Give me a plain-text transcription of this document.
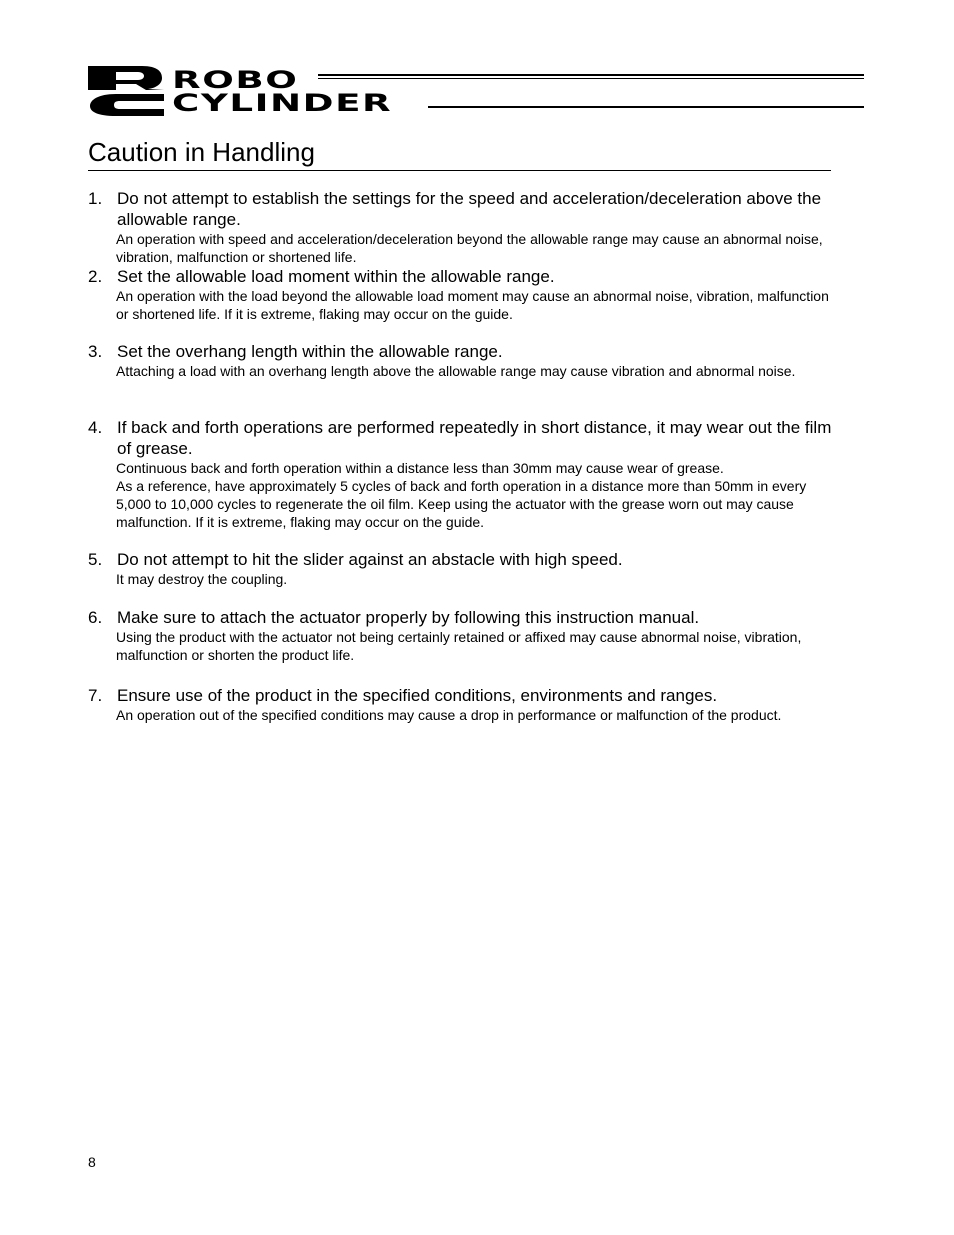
ROBO
CYLINDER
Caution in Handling
1. Do not attempt to establish the settings for the speed and acceleration/deceleration above the allowable range.

An operation with speed and acceleration/deceleration beyond the allowable range may cause an abnormal noise, vibration, malfunction or shortened life.

2. Set the allowable load moment within the allowable range.

An operation with the load beyond the allowable load moment may cause an abnormal noise, vibration, malfunction or shortened life. If it is extreme, flaking may occur on the guide.

3. Set the overhang length within the allowable range.

Attaching a load with an overhang length above the allowable range may cause vibration and abnormal noise.

4. If back and forth operations are performed repeatedly in short distance, it may wear out the film of grease.

Continuous back and forth operation within a distance less than 30mm may cause wear of grease.

As a reference, have approximately 5 cycles of back and forth operation in a distance more than 50mm in every 5,000 to 10,000 cycles to regenerate the oil film. Keep using the actuator with the grease worn out may cause malfunction. If it is extreme, flaking may occur on the guide.

5. Do not attempt to hit the slider against an abstacle with high speed.

It may destroy the coupling.

6. Make sure to attach the actuator properly by following this instruction manual.

Using the product with the actuator not being certainly retained or affixed may cause abnormal noise, vibration, malfunction or shorten the product life.

7. Ensure use of the product in the specified conditions, environments and ranges.

An operation out of the specified conditions may cause a drop in performance or malfunction of the product.

8
